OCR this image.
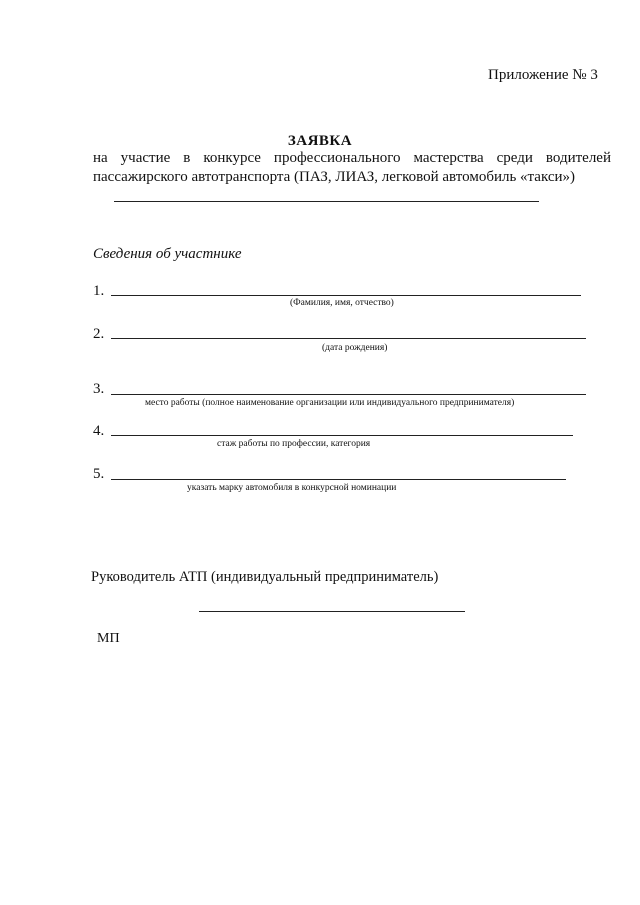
Приложение № 3
ЗАЯВКА
на участие в конкурсе профессионального мастерства среди водителей
пассажирского автотранспорта (ПАЗ, ЛИАЗ, легковой автомобиль «такси»)
Сведения об участнике
1.
(Фамилия, имя, отчество)
2.
(дата рождения)
3.
место работы (полное наименование организации или индивидуального предпринимателя)
4.
стаж работы по профессии, категория
5.
указать марку автомобиля в конкурсной номинации
Руководитель АТП (индивидуальный предприниматель)
МП
